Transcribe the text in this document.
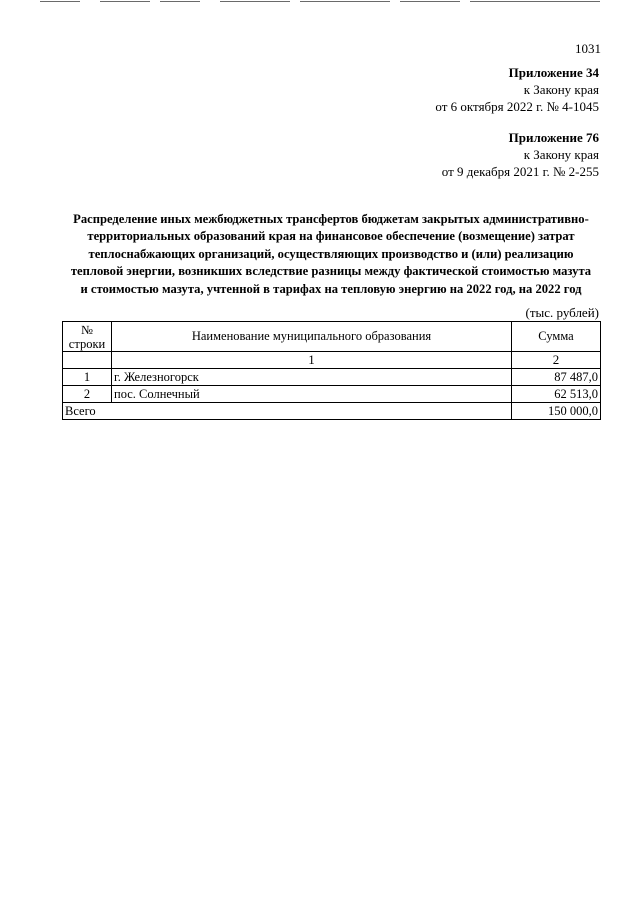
1031
Приложение 34
к Закону края
от 6 октября 2022 г. № 4-1045
Приложение 76
к Закону края
от 9 декабря 2021 г. № 2-255
Распределение иных межбюджетных трансфертов бюджетам закрытых административно-
территориальных образований края на финансовое обеспечение (возмещение) затрат
теплоснабжающих организаций, осуществляющих производство и (или) реализацию
тепловой энергии, возникших вследствие разницы между фактической стоимостью мазута
и стоимостью мазута, учтенной в тарифах на тепловую энергию на 2022 год, на 2022 год
(тыс. рублей)
№
строки	Наименование муниципального образования	Сумма
	1	2
1	г. Железногорск	87 487,0
2	пос. Солнечный	62 513,0
Всего		150 000,0
